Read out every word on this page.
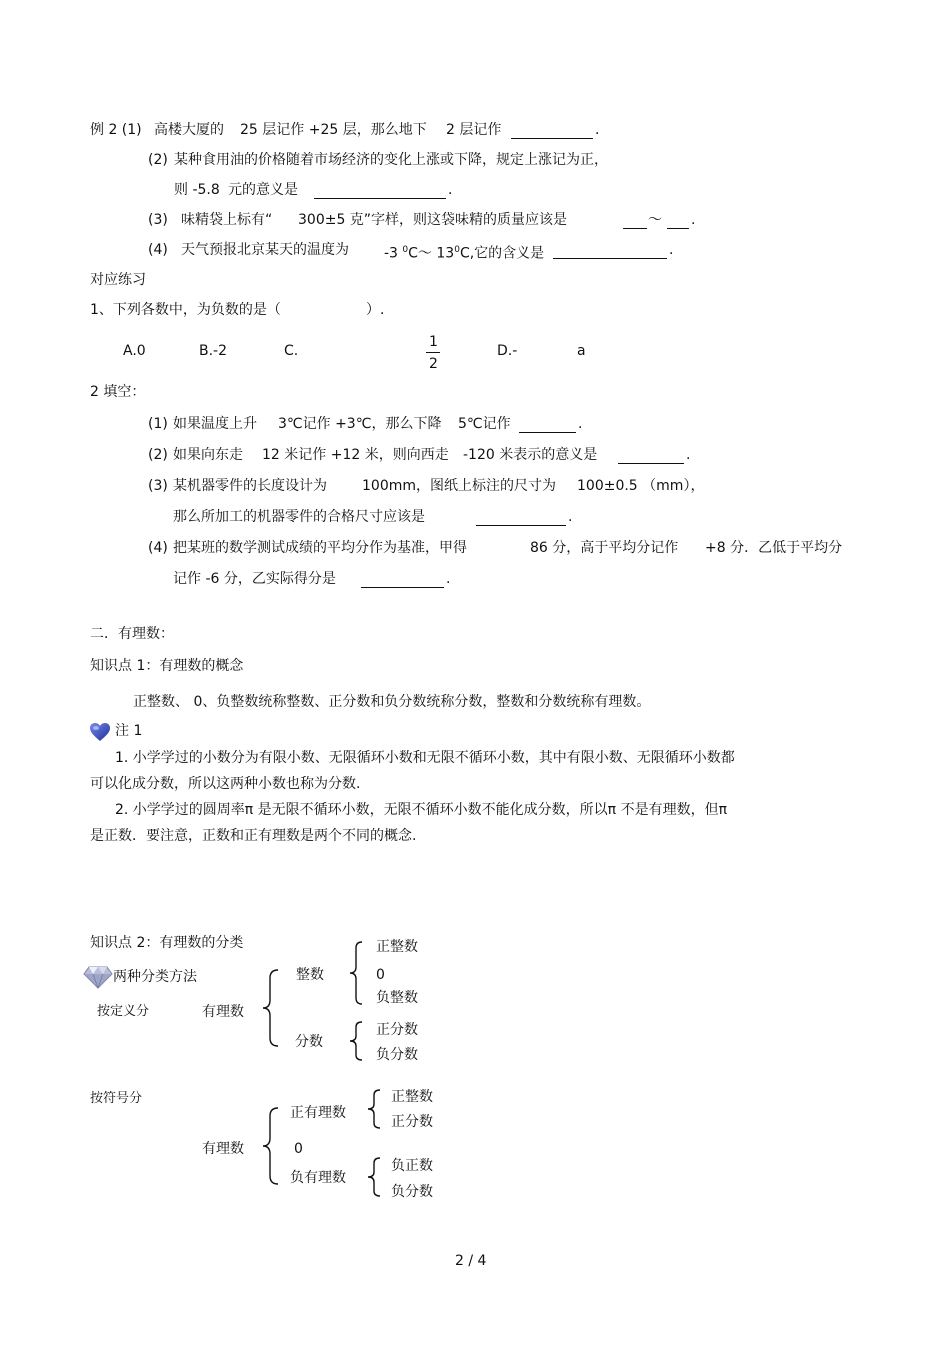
例 2 (1) 高楼大厦的 25 层记作 +25 层，那么地下 2 层记作	.
(2) 某种食用油的价格随着市场经济的变化上涨或下降，规定上涨记为正，
则 -5.8 元的意义是	.
(3) 味精袋上标有“ 300±5 克”字样，则这袋味精的质量应该是	～ .
(4) 天气预报北京某天的温度为	-3 $^0$C～ $13^0C$,它的含义是	.
对应练习
1、下列各数中，为负数的是（	）.
A.0	B.-2	C.
1
2
D.-	a
2 填空：
(1) 如果温度上升 3℃记作 +3℃，那么下降 5℃记作	.
(2) 如果向东走 12 米记作 +12 米，则向西走 -120 米表示的意义是	.
(3) 某机器零件的长度设计为	100mm，图纸上标注的尺寸为 100±0.5 （mm），
那么所加工的机器零件的合格尺寸应该是	.
(4) 把某班的数学测试成绩的平均分作为基准，甲得	86 分，高于平均分记作 +8 分．乙低于平均分
记作 -6 分，乙实际得分是	.
二．有理数：
知识点 1：有理数的概念
正整数、 0、负整数统称整数、正分数和负分数统称分数，整数和分数统称有理数。
注 1
1. 小学学过的小数分为有限小数、无限循环小数和无限不循环小数，其中有限小数、无限循环小数都
可以化成分数，所以这两种小数也称为分数.
2. 小学学过的圆周率π 是无限不循环小数，无限不循环小数不能化成分数，所以π 不是有理数，但π
是正数．要注意，正数和正有理数是两个不同的概念.
知识点 2：有理数的分类
两种分类方法
按定义分	有理数
整数
正整数
0
负整数
分数
正分数
负分数
按符号分
有理数
正有理数
正整数
正分数
0
负有理数
负正数
负分数
2 / 4
